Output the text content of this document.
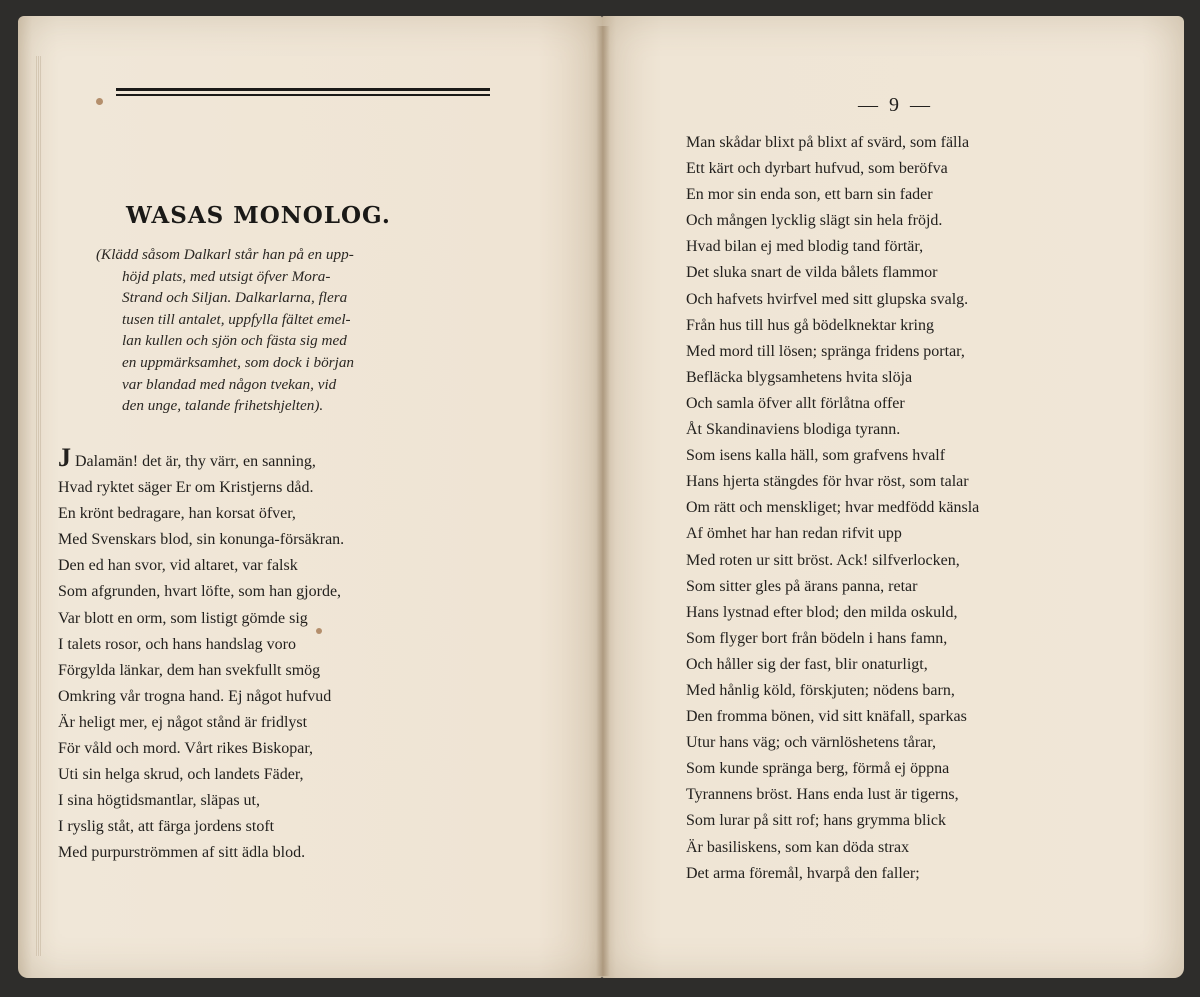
WASAS MONOLOG.

(Klädd såsom Dalkarl står han på en upp-
höjd plats, med utsigt öfver Mora-
Strand och Siljan. Dalkarlarna, flera
tusen till antalet, uppfylla fältet emel-
lan kullen och sjön och fästa sig med
en uppmärksamhet, som dock i början
var blandad med någon tvekan, vid
den unge, talande frihetshjelten).

J Dalamän! det är, thy värr, en sanning,
Hvad ryktet säger Er om Kristjerns dåd.
En krönt bedragare, han korsat öfver,
Med Svenskars blod, sin konunga-försäkran.
Den ed han svor, vid altaret, var falsk
Som afgrunden, hvart löfte, som han gjorde,
Var blott en orm, som listigt gömde sig
I talets rosor, och hans handslag voro
Förgylda länkar, dem han svekfullt smög
Omkring vår trogna hand. Ej något hufvud
Är heligt mer, ej något stånd är fridlyst
För våld och mord. Vårt rikes Biskopar,
Uti sin helga skrud, och landets Fäder,
I sina högtidsmantlar, släpas ut,
I ryslig ståt, att färga jordens stoft
Med purpurströmmen af sitt ädla blod.
— 9 —
Man skådar blixt på blixt af svärd, som fälla
Ett kärt och dyrbart hufvud, som beröfva
En mor sin enda son, ett barn sin fader
Och mången lycklig slägt sin hela fröjd.
Hvad bilan ej med blodig tand förtär,
Det sluka snart de vilda bålets flammor
Och hafvets hvirfvel med sitt glupska svalg.
Från hus till hus gå bödelknektar kring
Med mord till lösen; spränga fridens portar,
Befläcka blygsamhetens hvita slöja
Och samla öfver allt förlåtna offer
Åt Skandinaviens blodiga tyrann.
Som isens kalla häll, som grafvens hvalf
Hans hjerta stängdes för hvar röst, som talar
Om rätt och menskliget; hvar medfödd känsla
Af ömhet har han redan rifvit upp
Med roten ur sitt bröst. Ack! silfverlocken,
Som sitter gles på ärans panna, retar
Hans lystnad efter blod; den milda oskuld,
Som flyger bort från bödeln i hans famn,
Och håller sig der fast, blir onaturligt,
Med hånlig köld, förskjuten; nödens barn,
Den fromma bönen, vid sitt knäfall, sparkas
Utur hans väg; och värnlöshetens tårar,
Som kunde spränga berg, förmå ej öppna
Tyrannens bröst. Hans enda lust är tigerns,
Som lurar på sitt rof; hans grymma blick
Är basiliskens, som kan döda strax
Det arma föremål, hvarpå den faller;
